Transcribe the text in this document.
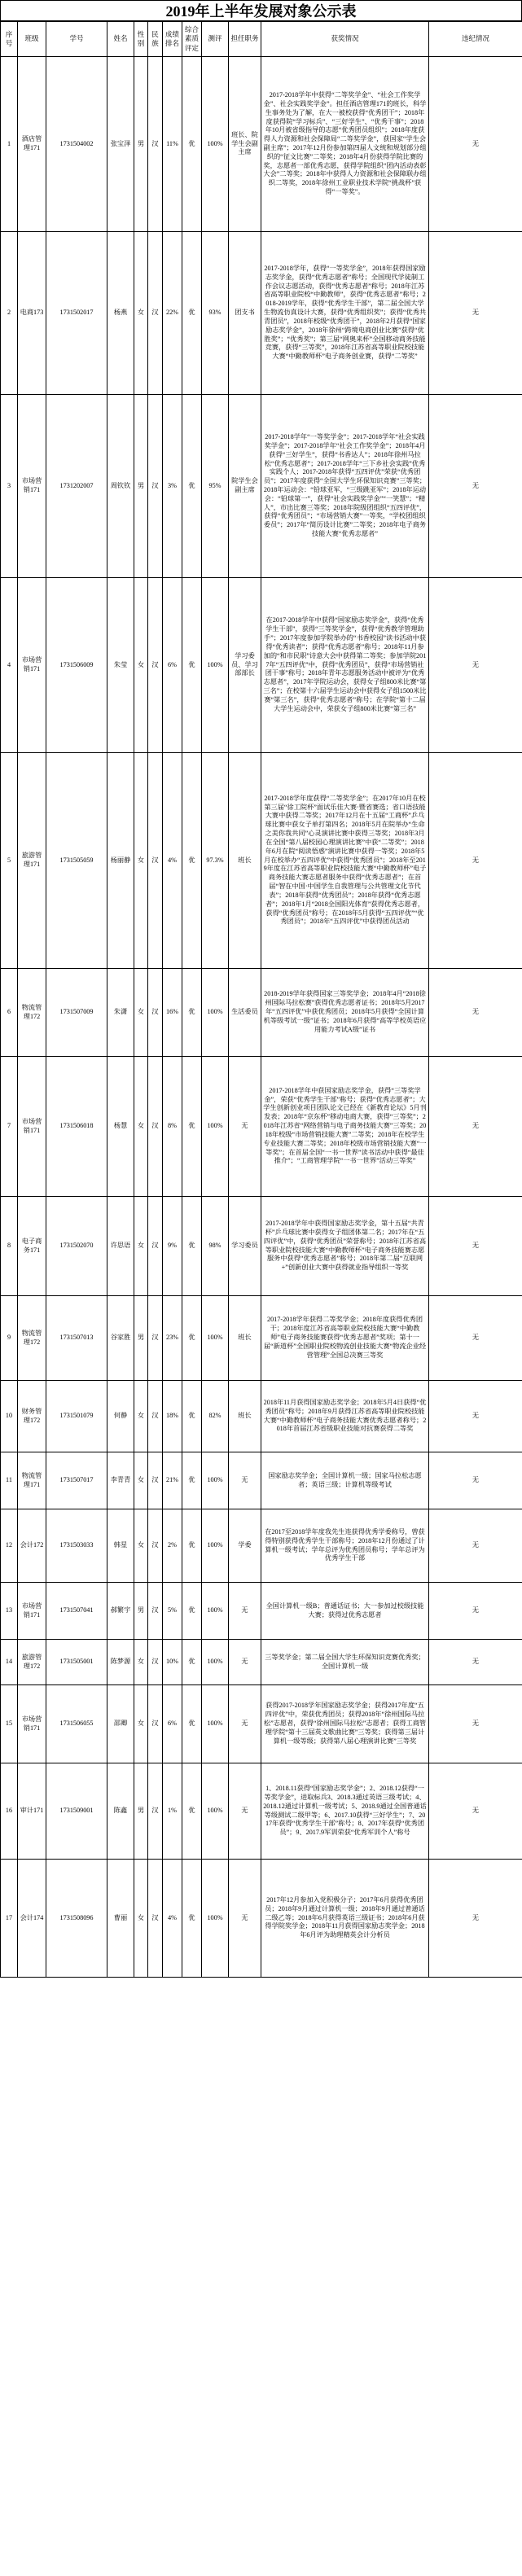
2019年上半年发展对象公示表
序号	班级	学号	姓名	性别	民族	成绩排名	综合素质评定	测评	担任职务	获奖情况	违纪情况
1	酒店管理171	1731504002	张宝泽	男	汉	11%	优	100%	班长、院学生会副主席	2017-2018学年中获得“二等奖学金”、“社会工作奖学金”、社会实践奖学金”。担任酒店管理171的班长，科学生事务处为了解，在大一被校获得“优秀团干”；2018年度获得院“学习标兵”、“三好学生”、“优秀干事”；2018年10月被省级指导的志愿“优秀团员组织”；2018年度获得人力资源和社会保障局“二等奖学金”，获国家“学生会副主席”；2017年12月份参加第四届人文统和规划部分组织的“征文比赛”二等奖；2018年4月份获得学院比赛的奖，志愿者一部优秀志愿，获得学院组织“团内活动表彰大会”二等奖；2018年中获得人力资源和社会保障联办组织二等奖，2018年徐州工业职业技术学院“挑战杯”获得“一等奖”。	无
2	电商173	1731502017	杨燕	女	汉	22%	优	93%	团支书	2017-2018学年，获得“一等奖学金”，2018年获得国家励志奖学金，获得“优秀志愿者”称号；全国现代学徒制工作会议志愿活动，获得“优秀志愿者”称号；2018年江苏省高等职业院校“中勤教师”，获得“优秀志愿者”称号；2018-2019学年，获得“优秀学生干部”，第二届全国大学生物流仿真设计大赛，获得“优秀组织奖”；获得“优秀共青团员”，2018年校级“优秀团干”，2018年2月获得“国家励志奖学金”，2018年徐州“跨境电商创业比赛”获得“优胜奖”；“优秀奖”；第三届“网奥来杯”全国移动商务技能竞赛，获得“三等奖”，2018年江苏省高等职业院校技能大赛“中勤教师杯”电子商务创业赛，获得“二等奖”	无
3	市场营销171	1731202007	周钦钦	男	汉	3%	优	95%	院学生会副主席	2017-2018学年“一等奖学金”；2017-2018学年“社会实践奖学金”；2017-2018学年“社会工作奖学金”；2018年4月获得“三好学生”，获得“书香达人”；2018年徐州马拉松“优秀志愿者”；2017-2018学年“三下乡社会实践”优秀实践个人；2017-2018年获得“五四评优”荣获“优秀团员”；2017年度获得“全国大学生环保知识竞赛”三等奖；2018年运动会：“铅球亚军，“三级跳亚军”；2018年运动会：“铅球第一”，获得“社会实践奖学金”“一笑慧”；“精人”，市出比赛三等奖；2018年院级团组织“五四评优”，获得“优秀团员”；“市场营销大赛”一等奖，“学校团组织委员”；2017年“简历设计比赛”二等奖；2018年电子商务技能大赛“优秀志愿者”	无
4	市场营销171	1731506009	朱莹	女	汉	6%	优	100%	学习委员、学习部部长	在2017-2018学年中获得“国家励志奖学金”，获得“优秀学生干部”，获得“三等奖学金”，获得“优秀教学管理助手”；2017年度参加学院举办的“书香校园”读书活动中获得“优秀读者”；获得“优秀志愿者”称号；2018年11月参加的“和市民职”诗意大会中获得第二等奖；参加学院2017年“五四评优”中，获得“优秀团员”，获得“市场营销社团干事”称号；2018年青年志愿服务活动中被评为“优秀志愿者”，2017年学院运动会，获得女子组800米比赛“第三名”；在校第十六届学生运动会中获得女子组1500米比赛“第三名”，获得“优秀志愿者”称号；在学院“第十二届大学生运动会中，荣获女子组800米比赛“第三名”	无
5	旅游管理171	1731505059	杨丽静	女	汉	4%	优	97.3%	班长	2017-2018学年度获得“二等奖学金”；在2017年10月在校第三届“徐工院杯”面试乐佳大赛·暨省赛选；省口语技能大赛中获得二等奖；2017年12月在十五届“工商杯”乒乓球比赛中获女子单打第四名；2018年5月在院举办“生命之美你我共同”心灵演讲比赛中获得三等奖；2018年3月在全国“第八届校园心理演讲比赛”中获“二等奖”；2018年6月在院“阅读悟惑”演讲比赛中获得一等奖；2018年5月在校举办“五四评优”中获得“优秀团员”；2018年至2019年度在江苏省高等职业院校技能大赛“中勤教师杯”电子商务技能大赛志愿者服务中获得“优秀志愿者”；在首届“智在中国·中国学生自我管理与公共管理文化节代表”；2018年获得“优秀团员”；2018年获得“优秀志愿者”；2018年1月“2018全国阳光体育”获得优秀志愿者，获得“优秀团员”称号；在2018年5月获得“五四评优”“优秀团员”；2018年“五四评优”中获得团员活动	无
6	物流管理172	1731507009	朱潇	女	汉	16%	优	100%	生活委员	2018-2019学年获得国家三等奖学金；2018年4月“2018徐州国际马拉松赛”获得优秀志愿者证书；2018年5月2017年“五四评优”中获优秀团员；2018年5月获得“全国计算机等级考试一级”证书；2018年6月获得“高等学校英语应用能力考试A级”证书	无
7	市场营销171	1731506018	杨慧	女	汉	8%	优	100%	无	2017-2018学年中获国家励志奖学金，获得“三等奖学金”，荣获“优秀学生干部”称号；获得“优秀志愿者”；大学生创新创业项目团队论文已经在《新教育论坛》5月刊发表；2018年“京东杯”移动电商大赛，获得“三等奖”；2018年江苏省“网络营销与电子商务技能大赛”三等奖；2018年校级“市场营销技能大赛”二等奖；2018年在校学生专业技能大赛二等奖；2018年校级市场营销技能大赛“一等奖”；在首届全国“一书一世界”读书活动中获得“最佳推介”；“工商管理学院“一书一世界”活动三等奖”	无
8	电子商务171	1731502070	许思语	女	汉	9%	优	98%	学习委员	2017-2018学年中获得国家励志奖学金，第十五届“共青杯”乒乓球比赛中获得女子组团体第二名；2017年在“五四评优”中，获得“优秀团员”荣誉称号；2018年江苏省高等职业院校技能大赛“中勤教师杯”电子商务技能赛志愿服务中获得“优秀志愿者”称号；2018年第二届“互联网+”创新创业大赛中获得就业指导组织一等奖	无
9	物流管理172	1731507013	谷家胜	男	汉	23%	优	100%	班长	2017-2018学年获得二等奖学金；2018年度获得优秀团干；2018年度江苏省高等职业院校技能大赛“中勤教师”电子商务技能赛获得“优秀志愿者”奖项；第十一届“新道杯”全国职业院校物流创业技能大赛“物流企业经营管理”全国总决赛三等奖	无
10	财务管理172	1731501079	何静	女	汉	18%	优	82%	班长	2018年11月获得国家励志奖学金；2018年5月4日获得“优秀团员”称号；2018年9月获得江苏省高等职业院校技能大赛“中勤教师杯”电子商务技能大赛优秀志愿者称号；2018年首届江苏省级职业技能对抗赛获得二等奖	无
11	物流管理171	1731507017	李青青	女	汉	21%	优	100%	无	国家励志奖学金；全国计算机一级；国家马拉松志愿者；英语三级；计算机等级考试	无
12	会计172	1731503033	韩星	女	汉	2%	优	100%	学委	在2017至2018学年度我先生连获得优秀学委称号，曾获得特别获得优秀学生干部称号；2018年12月份通过了计算机一级考试；学年总评为优秀团员称号；学年总评为优秀学生干部	无
13	市场营销171	1731507041	郝繁宇	男	汉	5%	优	100%	无	全国计算机一级B；普通话证书；大一参加过校级技能大赛；获得过优秀志愿者	无
14	旅游管理172	1731505001	陈梦源	女	汉	10%	优	100%	无	三等奖学金；第二届全国大学生环保知识竞赛优秀奖；全国计算机一级	无
15	市场营销171	1731506055	邵卿	女	汉	6%	优	100%	无	获得2017-2018学年国家励志奖学金；获得2017年度“五四评优”中，荣获优秀团员；获得2018年“徐州国际马拉松”志愿者，获得“徐州国际马拉松”志愿者；获得工商管理学院“第十三届英文歌曲比赛”三等奖；获得第三届计算机一级等级；获得第八届心理演讲比赛”三等奖	无
16	审计171	1731509001	陈鑫	男	汉	1%	优	100%	无	1、2018.11获得“国家励志奖学金”；2、2018.12获得“一等奖学金”，进取标兵3、2018.3通过英语三级考试；4、2018.12通过计算机一级考试；5、2018.9通过全国普通话等级测试二级甲等；6、2017.10获得“三好学生”；7、2017年获得“优秀学生干部”称号；8、2017年获得“优秀团员”；9、2017.9军训荣获“优秀军训个人”称号	无
17	会计174	1731508096	曹丽	女	汉	4%	优	100%	无	2017年12月参加入党积极分子；2017年6月获得优秀团员；2018年9月通过计算机一级；2018年9月通过普通话二级乙等；2018年6月获得英语三级证书；2018年6月获得学院奖学金；2018年11月获得国家励志奖学金；2018年6月评为助理精英会计分析员	无
